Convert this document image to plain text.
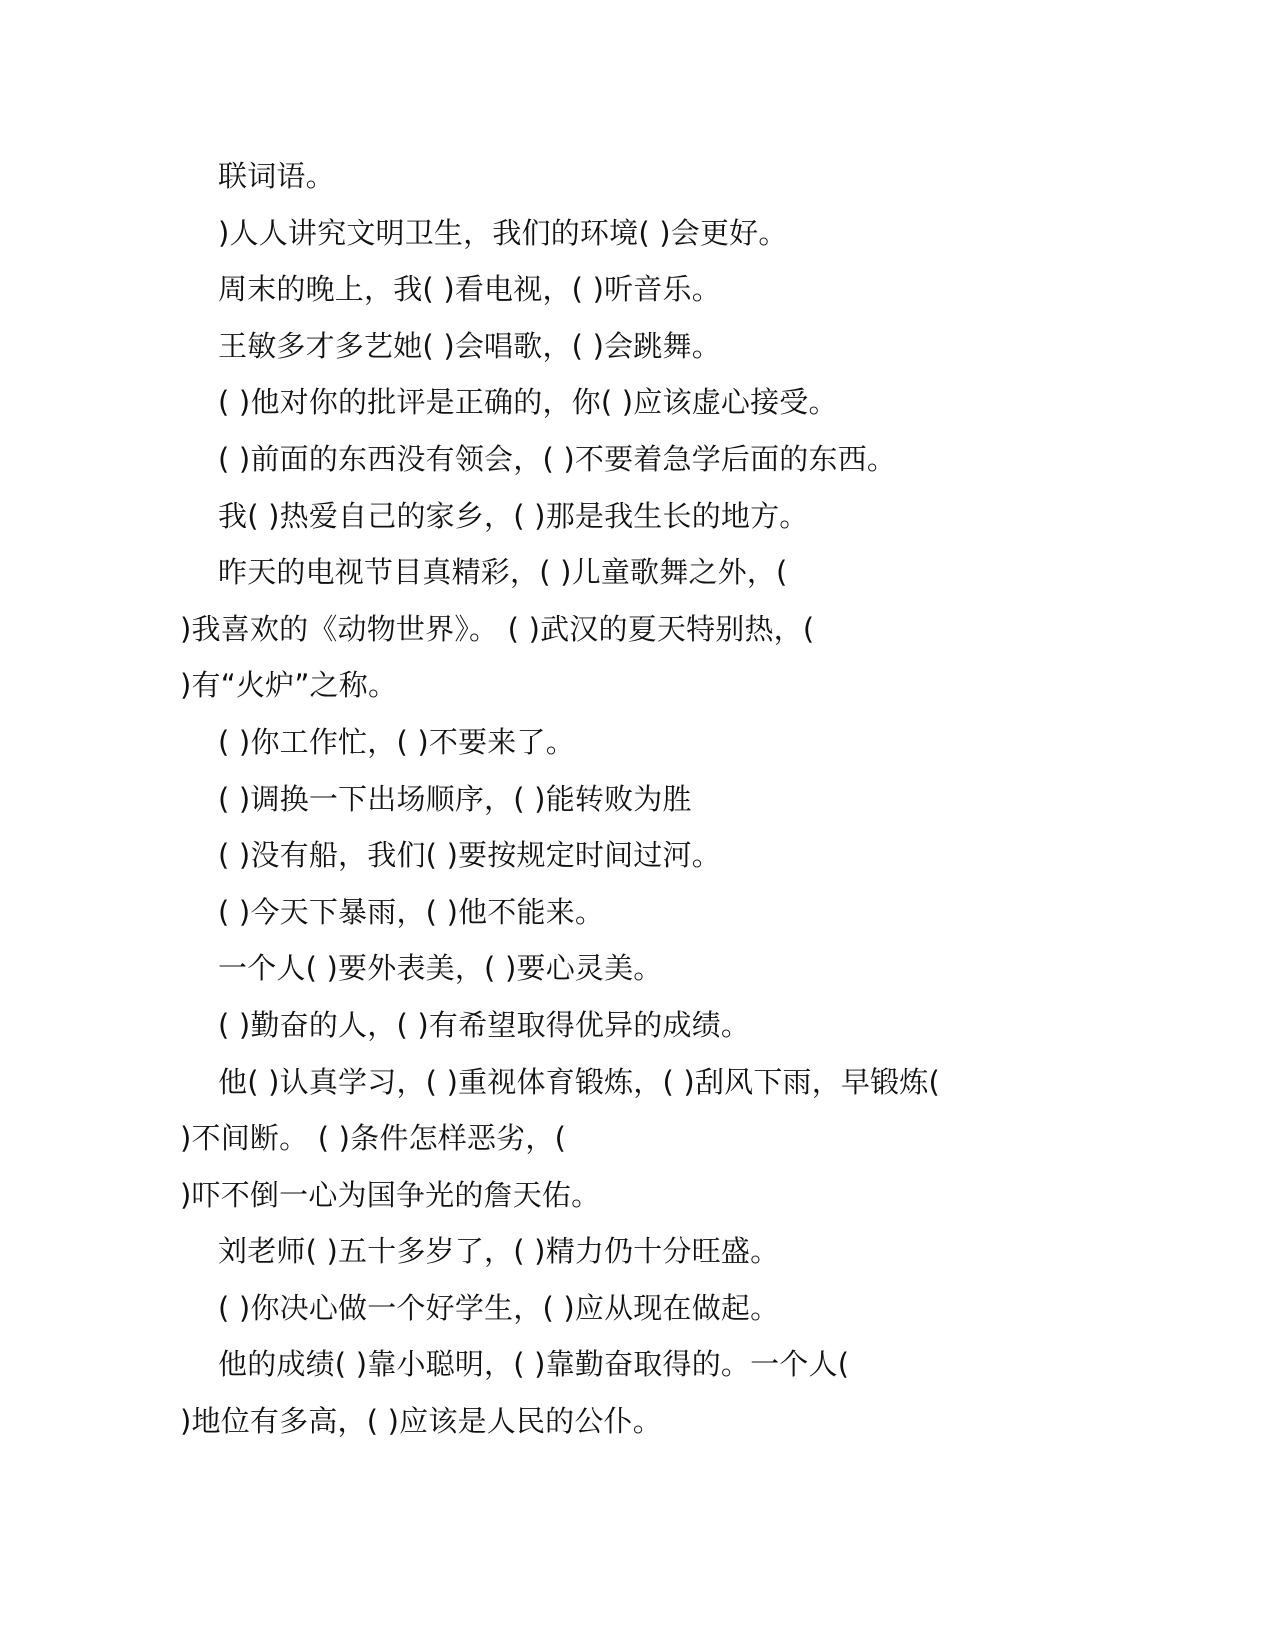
联词语。
)人人讲究文明卫生，我们的环境( )会更好。
周末的晚上，我( )看电视，( )听音乐。
王敏多才多艺她( )会唱歌，( )会跳舞。
( )他对你的批评是正确的，你( )应该虚心接受。
( )前面的东西没有领会，( )不要着急学后面的东西。
我( )热爱自己的家乡，( )那是我生长的地方。
昨天的电视节目真精彩，( )儿童歌舞之外，(
)我喜欢的《动物世界》。 ( )武汉的夏天特别热，(
)有“火炉”之称。
( )你工作忙，( )不要来了。
( )调换一下出场顺序，( )能转败为胜
( )没有船，我们( )要按规定时间过河。
( )今天下暴雨，( )他不能来。
一个人( )要外表美，( )要心灵美。
( )勤奋的人，( )有希望取得优异的成绩。
他( )认真学习，( )重视体育锻炼，( )刮风下雨，早锻炼(
)不间断。 ( )条件怎样恶劣，(
)吓不倒一心为国争光的詹天佑。
刘老师( )五十多岁了，( )精力仍十分旺盛。
( )你决心做一个好学生，( )应从现在做起。
他的成绩( )靠小聪明，( )靠勤奋取得的。一个人(
)地位有多高，( )应该是人民的公仆。
